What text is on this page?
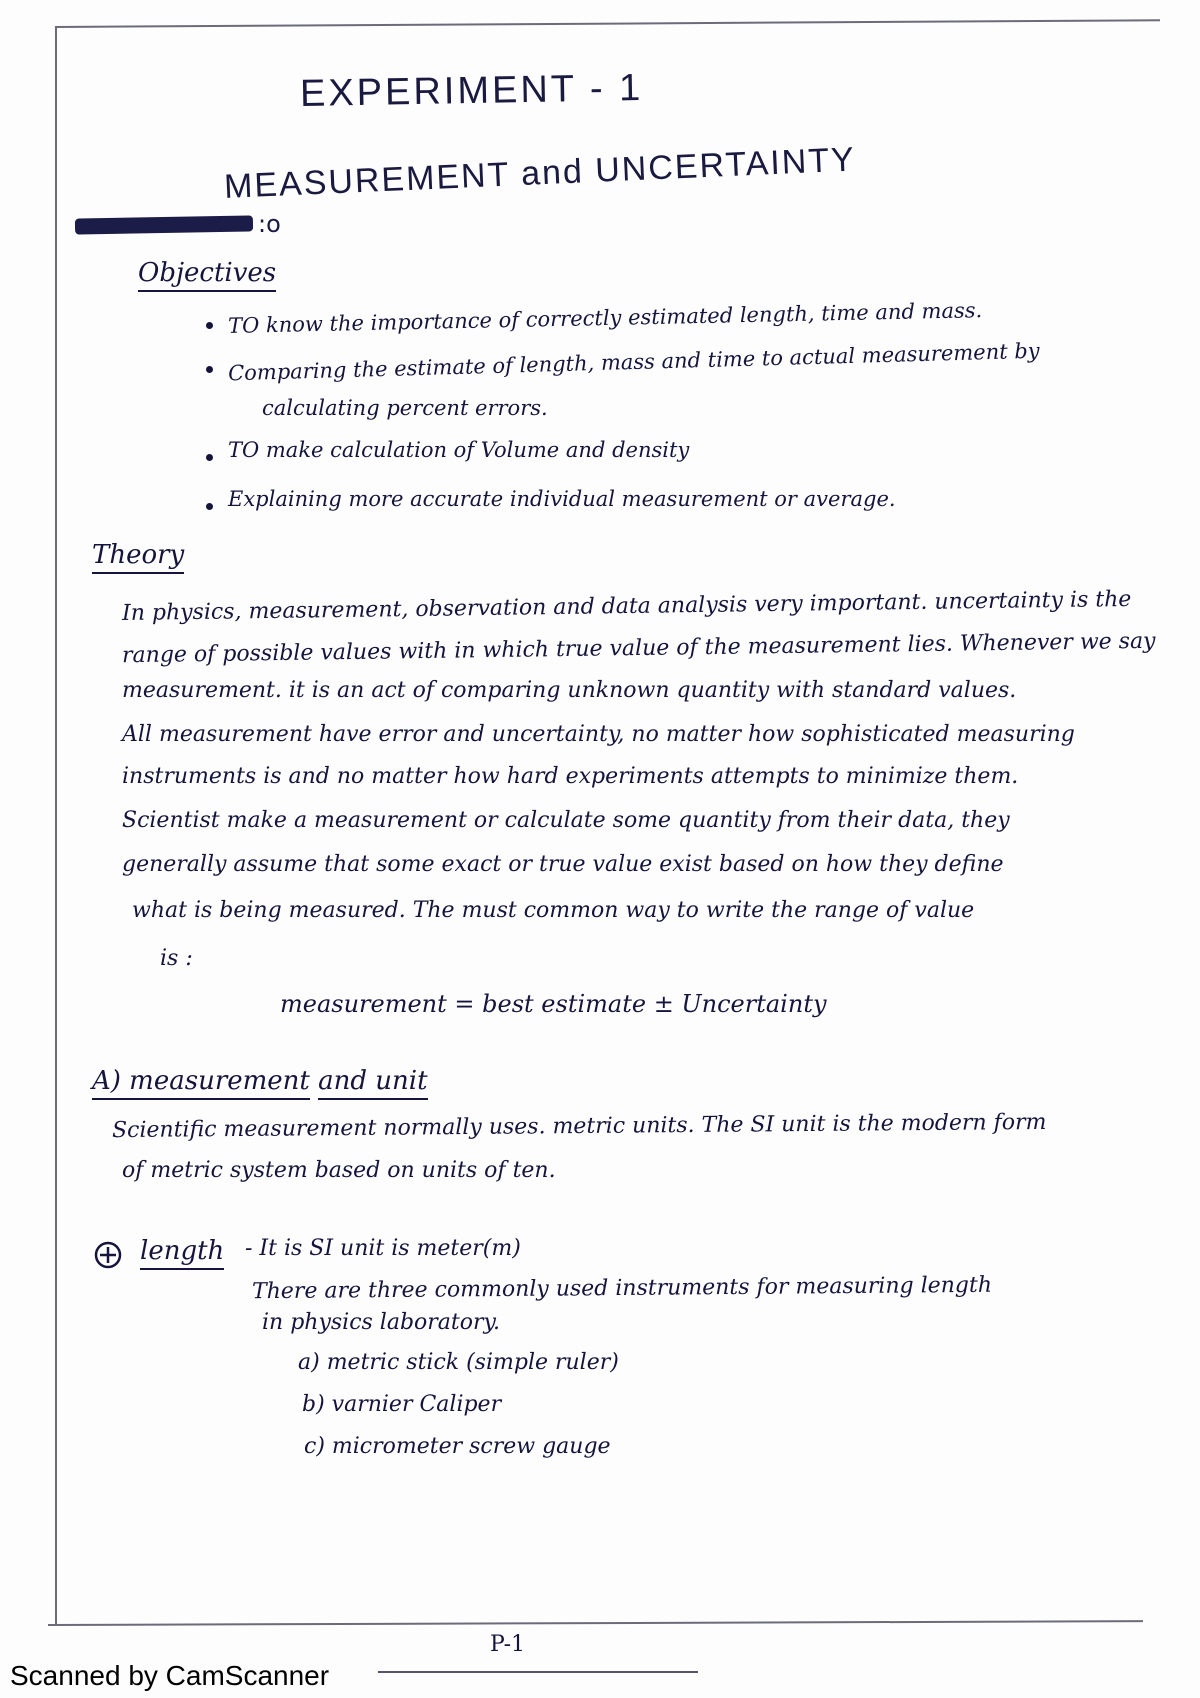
EXPERIMENT - 1
MEASUREMENT and UNCERTAINTY
:o
Objectives
TO know the importance of correctly estimated length, time and mass.
Comparing the estimate of length, mass and time to actual measurement by
calculating percent errors.
TO make calculation of Volume and density
Explaining more accurate individual measurement or average.
Theory
In physics, measurement, observation and data analysis very important. uncertainty is the
range of possible values with in which true value of the measurement lies. Whenever we say
measurement. it is an act of comparing unknown quantity with standard values.
All measurement have error and uncertainty, no matter how sophisticated measuring
instruments is and no matter how hard experiments attempts to minimize them.
Scientist make a measurement or calculate some quantity from their data, they
generally assume that some exact or true value exist based on how they define
what is being measured. The must common way to write the range of value
is :
measurement = best estimate ± Uncertainty
A) measurement and unit
Scientific measurement normally uses. metric units. The SI unit is the modern form
of metric system based on units of ten.
length - It is SI unit is meter(m)
There are three commonly used instruments for measuring length
in physics laboratory.
a) metric stick (simple ruler)
b) varnier Caliper
c) micrometer screw gauge
P-1
Scanned by CamScanner
